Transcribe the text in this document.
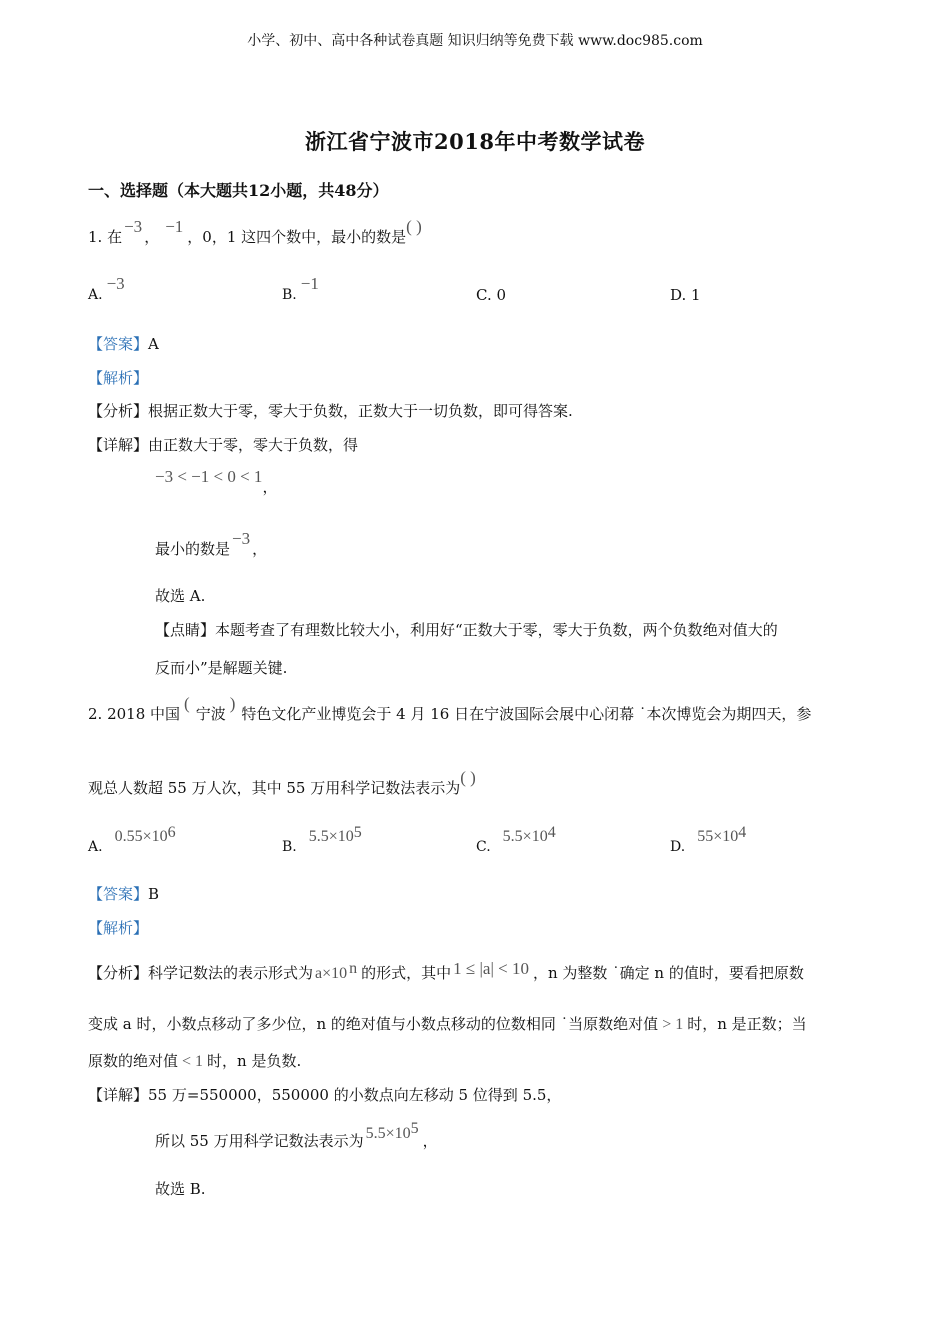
小学、初中、高中各种试卷真题 知识归纳等免费下载 www.doc985.com
浙江省宁波市2018年中考数学试卷
一、选择题（本大题共12小题，共48分）
1. 在−3，−1，0，1 这四个数中，最小的数是( )
A.−3
B.−1
C. 0	D. 1
【答案】A
【解析】
【分析】根据正数大于零，零大于负数，正数大于一切负数，即可得答案.
【详解】由正数大于零，零大于负数，得
−3 < −1 < 0 < 1，
最小的数是−3，
故选 A.
【点睛】本题考查了有理数比较大小，利用好“正数大于零，零大于负数，两个负数绝对值大的
反而小”是解题关键.
2. 2018 中国(宁波)特色文化产业博览会于 4 月 16 日在宁波国际会展中心闭幕 ˙本次博览会为期四天，参
观总人数超 55 万人次，其中 55 万用科学记数法表示为( )
$A.0.55\times 10^6$
$B.5.5\times 10^5$
$C.5.5\times 10^4$
$D.55\times 10^4$
【答案】B
【解析】
【分析】科学记数法的表示形式为 a×10 $^n$ 的形式，其中 1 ≤ |a| < 10 ，n 为整数 ˙确定 n 的值时，要看把原数
变成 a 时，小数点移动了多少位，n 的绝对值与小数点移动的位数相同 ˙当原数绝对值 > 1 时，n 是正数；当
原数的绝对值 < 1 时，n 是负数.
【详解】55 万=550000，550000 的小数点向左移动 5 位得到 5.5，
所以 55 万用科学记数法表示为 $5.5\times 10^5$，
故选 B.
